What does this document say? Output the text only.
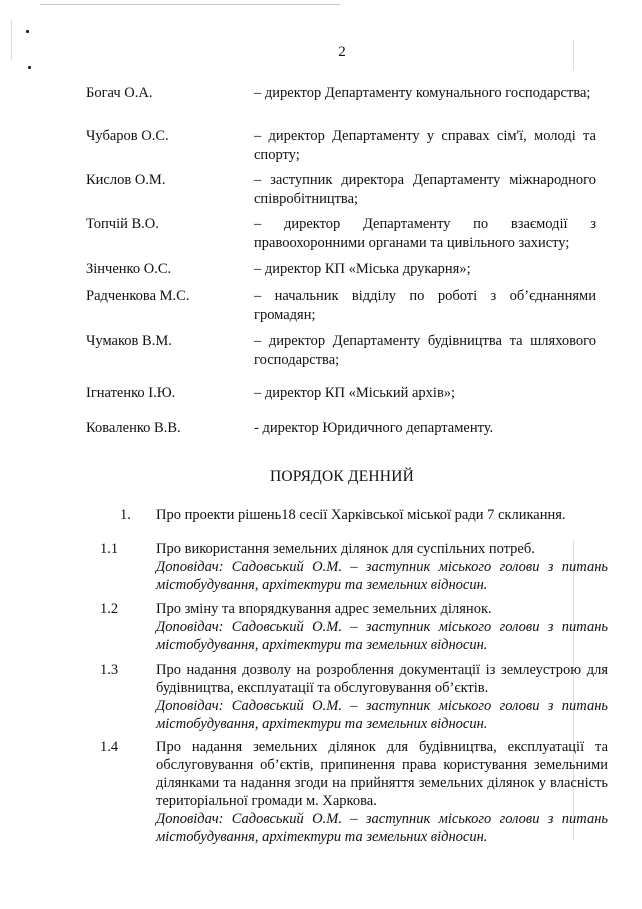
2
Богач О.А.	– директор Департаменту комунального господарства;
Чубаров О.С.	– директор Департаменту у справах сім'ї, молоді та спорту;
Кислов О.М.	– заступник директора Департаменту міжнародного співробітництва;
Топчій В.О.	– директор Департаменту по взаємодії з правоохоронними органами та цивільного захисту;
Зінченко О.С.	– директор КП «Міська друкарня»;
Радченкова М.С.	– начальник відділу по роботі з об’єднаннями громадян;
Чумаков В.М.	– директор Департаменту будівництва та шляхового господарства;
Ігнатенко І.Ю.	– директор КП «Міський архів»;
Коваленко В.В.	- директор Юридичного департаменту.
ПОРЯДОК ДЕННИЙ
1. Про проекти рішень18 сесії Харківської міської ради 7 скликання.
1.1	Про використання земельних ділянок для суспільних потреб.
Доповідач: Садовський О.М. – заступник міського голови з питань містобудування, архітектури та земельних відносин.
1.2	Про зміну та впорядкування адрес земельних ділянок.
Доповідач: Садовський О.М. – заступник міського голови з питань містобудування, архітектури та земельних відносин.
1.3	Про надання дозволу на розроблення документації із землеустрою для будівництва, експлуатації та обслуговування об’єктів.
Доповідач: Садовський О.М. – заступник міського голови з питань містобудування, архітектури та земельних відносин.
1.4	Про надання земельних ділянок для будівництва, експлуатації та обслуговування об’єктів, припинення права користування земельними ділянками та надання згоди на прийняття земельних ділянок у власність територіальної громади м. Харкова.
Доповідач: Садовський О.М. – заступник міського голови з питань містобудування, архітектури та земельних відносин.
